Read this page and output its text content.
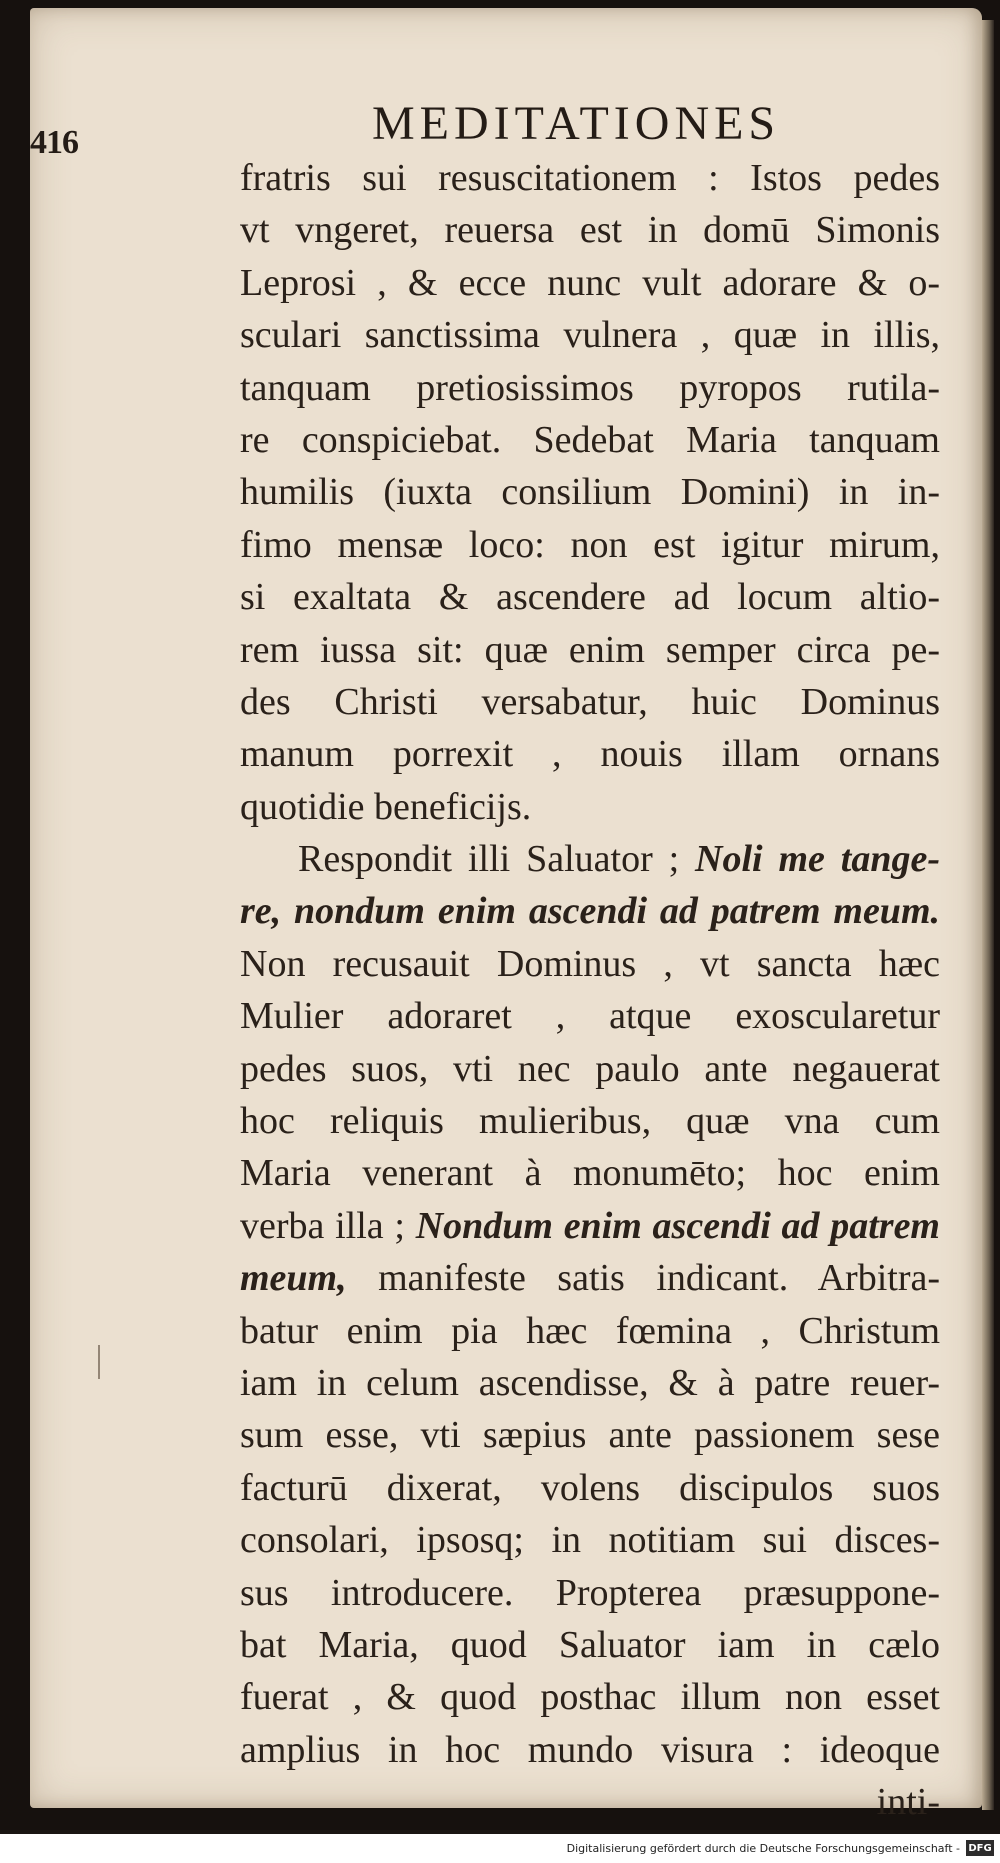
416	MEDITATIONES
fratris sui resuscitationem : Istos pedes
vt vngeret, reuersa est in domū Simonis
Leprosi , & ecce nunc vult adorare & o-
sculari sanctissima vulnera , quæ in illis,
tanquam pretiosissimos pyropos rutila-
re conspiciebat. Sedebat Maria tanquam
humilis (iuxta consilium Domini) in in-
fimo mensæ loco: non est igitur mirum,
si exaltata & ascendere ad locum altio-
rem iussa sit: quæ enim semper circa pe-
des Christi versabatur, huic Dominus
manum porrexit , nouis illam ornans
quotidie beneficijs.
Respondit illi Saluator ; Noli me tange-
re, nondum enim ascendi ad patrem meum.
Non recusauit Dominus , vt sancta hæc
Mulier adoraret , atque exoscularetur
pedes suos, vti nec paulo ante negauerat
hoc reliquis mulieribus, quæ vna cum
Maria venerant à monumēto; hoc enim
verba illa ; Nondum enim ascendi ad patrem
meum, manifeste satis indicant. Arbitra-
batur enim pia hæc fœmina , Christum
iam in celum ascendisse, & à patre reuer-
sum esse, vti sæpius ante passionem sese
facturū dixerat, volens discipulos suos
consolari, ipsosq; in notitiam sui disces-
sus introducere. Propterea præsuppone-
bat Maria, quod Saluator iam in cælo
fuerat , & quod posthac illum non esset
amplius in hoc mundo visura : ideoque
inti-
Digitalisierung gefördert durch die Deutsche Forschungsgemeinschaft - DFG
